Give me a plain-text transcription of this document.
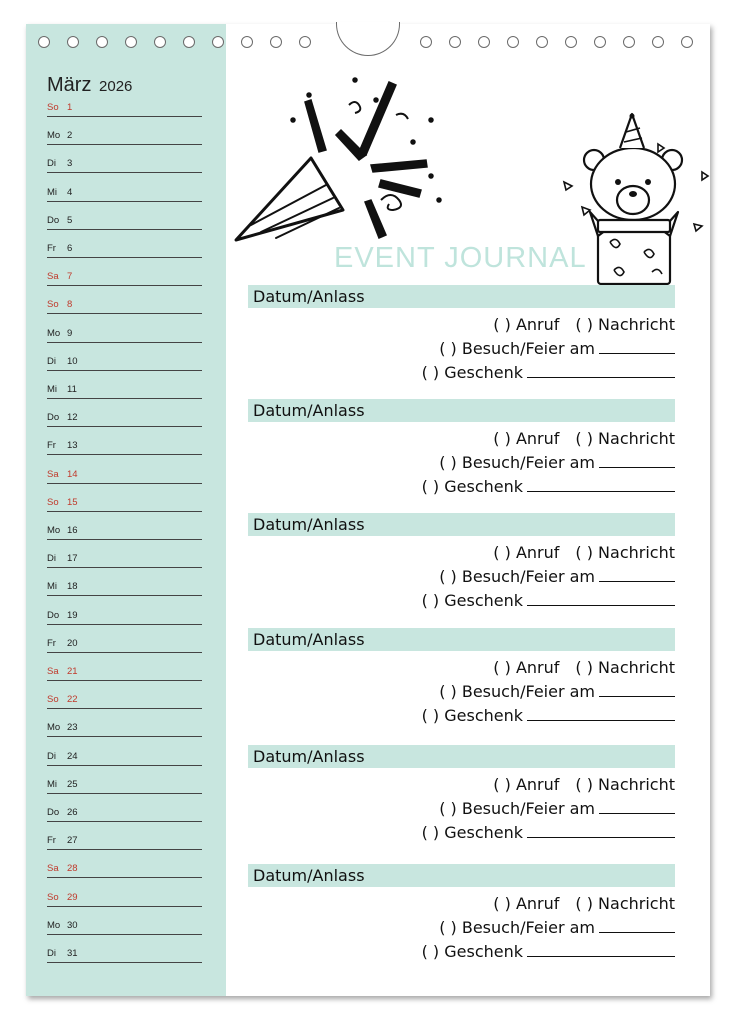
März 2026
So 1
Mo 2
Di 3
Mi 4
Do 5
Fr 6
Sa 7
So 8
Mo 9
Di 10
Mi 11
Do 12
Fr 13
Sa 14
So 15
Mo 16
Di 17
Mi 18
Do 19
Fr 20
Sa 21
So 22
Mo 23
Di 24
Mi 25
Do 26
Fr 27
Sa 28
So 29
Mo 30
Di 31
EVENT JOURNAL
Datum/Anlass
( ) Anruf ( ) Nachricht
( ) Besuch/Feier am
( ) Geschenk
Datum/Anlass
( ) Anruf ( ) Nachricht
( ) Besuch/Feier am
( ) Geschenk
Datum/Anlass
( ) Anruf ( ) Nachricht
( ) Besuch/Feier am
( ) Geschenk
Datum/Anlass
( ) Anruf ( ) Nachricht
( ) Besuch/Feier am
( ) Geschenk
Datum/Anlass
( ) Anruf ( ) Nachricht
( ) Besuch/Feier am
( ) Geschenk
Datum/Anlass
( ) Anruf ( ) Nachricht
( ) Besuch/Feier am
( ) Geschenk
